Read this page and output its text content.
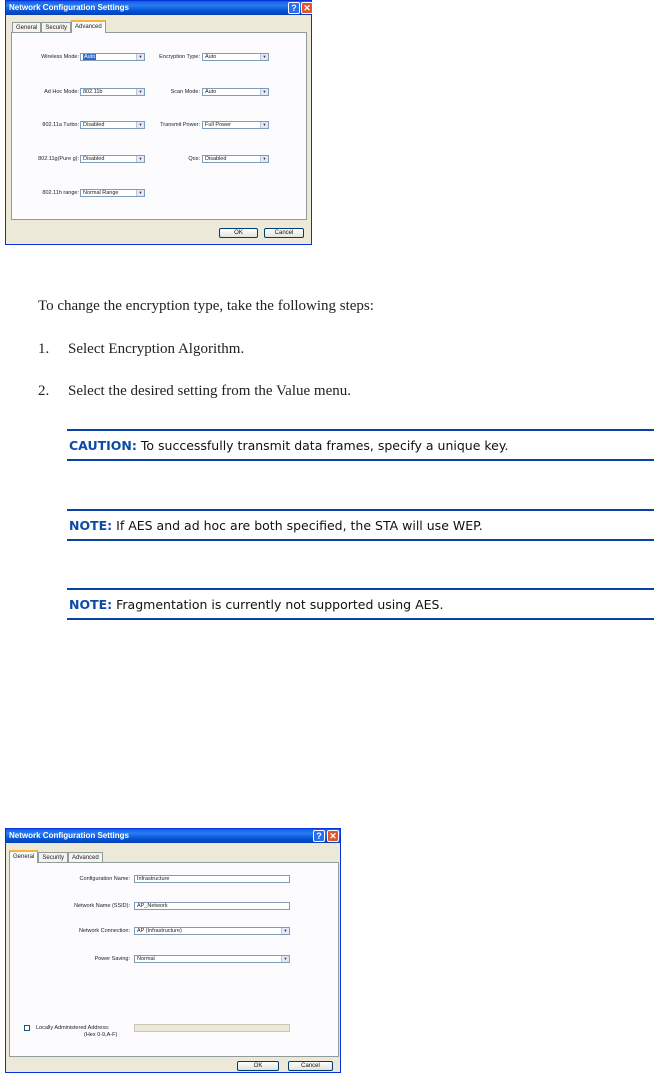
Network Configuration Settings	? ✕
General	Security	Advanced
Wireless Mode: Auto	▼	Encryption Type: Auto	▼
Ad Hoc Mode: 802.11b	▼	Scan Mode: Auto	▼
802.11a Turbo: Disabled	▼	Transmit Power: Full Power	▼
802.11g(Pure g): Disabled	▼	Qos: Disabled	▼
802.11h range: Normal Range	▼
OK	Cancel
To change the encryption type, take the following steps:
1. Select Encryption Algorithm.
2. Select the desired setting from the Value menu.
CAUTION: To successfully transmit data frames, specify a unique key.
NOTE: If AES and ad hoc are both specified, the STA will use WEP.
NOTE: Fragmentation is currently not supported using AES.
Network Configuration Settings	? ✕
General	Security	Advanced
Configuration Name:	Infrastructure
Network Name (SSID):	AP_Network
Network Connection:	AP (Infrastructure)	▼
Power Saving:	Normal	▼
Locally Administered Address:
(Hex 0-9,A-F)
OK	Cancel
